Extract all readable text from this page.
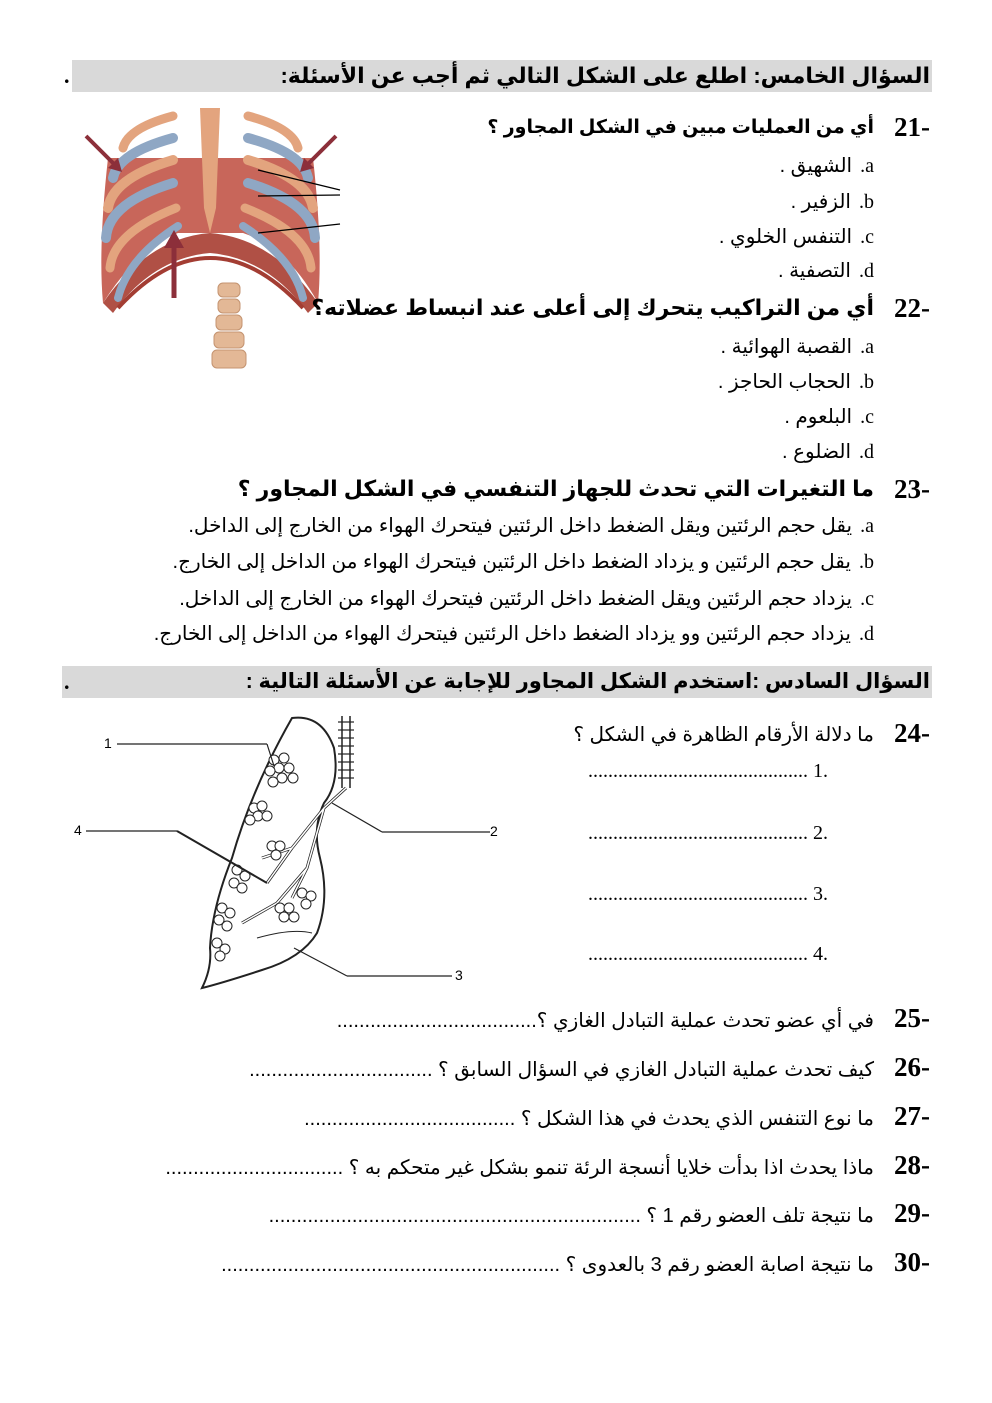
السؤال الخامس: اطلع على الشكل التالي ثم أجب عن الأسئلة:
.
21-
أي من العمليات مبين في الشكل المجاور ؟
a.الشهيق .
b.الزفير .
c.التنفس الخلوي .
d.التصفية .
22-
أي من التراكيب يتحرك إلى أعلى عند انبساط عضلاته؟
a.القصبة الهوائية .
b.الحجاب الحاجز .
c.البلعوم .
d.الضلوع .
23-
ما التغيرات التي تحدث للجهاز التنفسي في الشكل المجاور ؟
a.يقل حجم الرئتين ويقل الضغط داخل الرئتين فيتحرك الهواء من الخارج إلى الداخل.
b.يقل حجم الرئتين و يزداد الضغط داخل الرئتين فيتحرك الهواء من الداخل إلى الخارج.
c.يزداد حجم الرئتين ويقل الضغط داخل الرئتين فيتحرك الهواء من الخارج إلى الداخل.
d.يزداد حجم الرئتين وو يزداد الضغط داخل الرئتين فيتحرك الهواء من الداخل إلى الخارج.
السؤال السادس :استخدم الشكل المجاور للإجابة عن الأسئلة التالية :
.
1
4	2
3
24-
ما دلالة الأرقام الظاهرة في الشكل ؟
............................................ 1.
............................................ 2.
............................................ 3.
............................................ 4.
25-
في أي عضو تحدث عملية التبادل الغازي ؟....................................
26-
كيف تحدث عملية التبادل الغازي في السؤال السابق ؟ .................................
27-
ما نوع التنفس الذي يحدث في هذا الشكل ؟ ......................................
28-
ماذا يحدث اذا بدأت خلايا أنسجة الرئة تنمو بشكل غير متحكم به ؟ ................................
29-
ما نتيجة تلف العضو رقم 1 ؟ ...................................................................
30-
ما نتيجة اصابة العضو رقم 3 بالعدوى ؟ .............................................................
